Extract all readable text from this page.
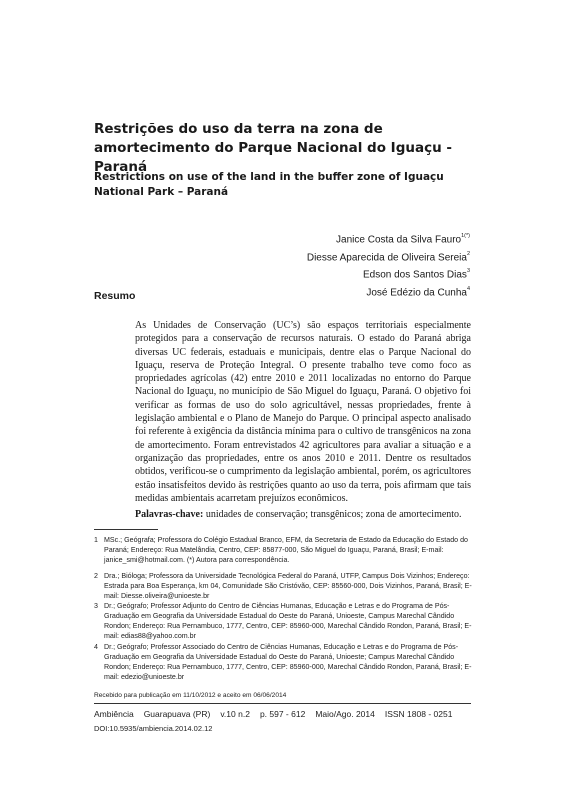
Restrições do uso da terra na zona de amortecimento do Parque Nacional do Iguaçu - Paraná
Restrictions on use of the land in the buffer zone of Iguaçu National Park – Paraná
Janice Costa da Silva Fauro$^{1(*)}$
Diesse Aparecida de Oliveira Sereia$^2$
Edson dos Santos Dias$^3$
José Edézio da Cunha$^4$
Resumo
As Unidades de Conservação (UC’s) são espaços territoriais especialmente protegidos para a conservação de recursos naturais. O estado do Paraná abriga diversas UC federais, estaduais e municipais, dentre elas o Parque Nacional do Iguaçu, reserva de Proteção Integral. O presente trabalho teve como foco as propriedades agrícolas (42) entre 2010 e 2011 localizadas no entorno do Parque Nacional do Iguaçu, no município de São Miguel do Iguaçu, Paraná. O objetivo foi verificar as formas de uso do solo agricultável, nessas propriedades, frente à legislação ambiental e o Plano de Manejo do Parque. O principal aspecto analisado foi referente à exigência da distância mínima para o cultivo de transgênicos na zona de amortecimento. Foram entrevistados 42 agricultores para avaliar a situação e a organização das propriedades, entre os anos 2010 e 2011. Dentre os resultados obtidos, verificou-se o cumprimento da legislação ambiental, porém, os agricultores estão insatisfeitos devido às restrições quanto ao uso da terra, pois afirmam que tais medidas ambientais acarretam prejuízos econômicos.
Palavras-chave: unidades de conservação; transgênicos; zona de amortecimento.
1 MSc.; Geógrafa; Professora do Colégio Estadual Branco, EFM, da Secretaria de Estado da Educação do Estado do Paraná; Endereço: Rua Matelândia, Centro, CEP: 85877-000, São Miguel do Iguaçu, Paraná, Brasil; E-mail: janice_smi@hotmail.com. (*) Autora para correspondência.
2 Dra.; Bióloga; Professora da Universidade Tecnológica Federal do Paraná, UTFP, Campus Dois Vizinhos; Endereço: Estrada para Boa Esperança, km 04, Comunidade São Cristóvão, CEP: 85560-000, Dois Vizinhos, Paraná, Brasil; E-mail: Diesse.oliveira@unioeste.br
3 Dr.; Geógrafo; Professor Adjunto do Centro de Ciências Humanas, Educação e Letras e do Programa de Pós-Graduação em Geografia da Universidade Estadual do Oeste do Paraná, Unioeste, Campus Marechal Cândido Rondon; Endereço: Rua Pernambuco, 1777, Centro, CEP: 85960-000, Marechal Cândido Rondon, Paraná, Brasil; E-mail: edias88@yahoo.com.br
4 Dr.; Geógrafo; Professor Associado do Centro de Ciências Humanas, Educação e Letras e do Programa de Pós-Graduação em Geografia da Universidade Estadual do Oeste do Paraná, Unioeste; Campus Marechal Cândido Rondon; Endereço: Rua Pernambuco, 1777, Centro, CEP: 85960-000, Marechal Cândido Rondon, Paraná, Brasil; E-mail: edezio@unioeste.br
Recebido para publicação em 11/10/2012 e aceito em 06/06/2014
Ambiência Guarapuava (PR) v.10 n.2 p. 597 - 612 Maio/Ago. 2014 ISSN 1808 - 0251
DOI:10.5935/ambiencia.2014.02.12
